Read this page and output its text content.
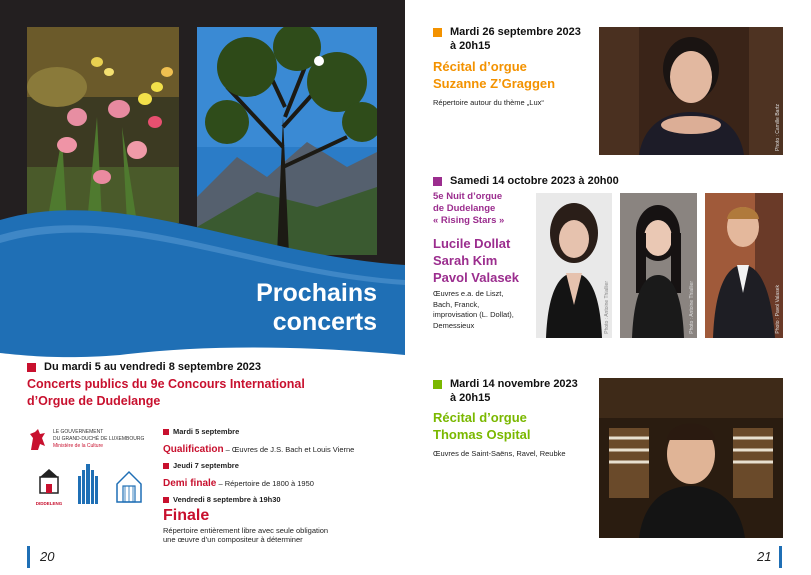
Prochains
concerts
Du mardi 5 au vendredi 8 septembre 2023
Concerts publics du 9e Concours International
d’Orgue de Dudelange
LE GOUVERNEMENT
DU GRAND-DUCHÉ DE LUXEMBOURG
Ministère de la Culture
DIDDELENG
Mardi 5 septembre
Qualification – Œuvres de J.S. Bach et Louis Vierne
Jeudi 7 septembre
Demi finale – Répertoire de 1800 à 1950
Vendredi 8 septembre à 19h30
Finale
Répertoire entièrement libre avec seule obligation
une œuvre d’un compositeur à déterminer
20
Mardi 26 septembre 2023
à 20h15
Récital d’orgue
Suzanne Z’Graggen
Répertoire autour du thème „Lux“
Photo : Camille Bartz
Samedi 14 octobre 2023 à 20h00
5e Nuit d’orgue
de Dudelange
« Rising Stars »
Lucile Dollat
Sarah Kim
Pavol Valasek
Œuvres e.a. de Liszt,
Bach, Franck,
improvisation (L. Dollat),
Demessieux	Photo : Antoine Thiallier	Photo : Antoine Thiallier	Photo : Pavol Valasek
Mardi 14 novembre 2023
à 20h15
Récital d’orgue
Thomas Ospital
Œuvres de Saint-Saëns, Ravel, Reubke
21
